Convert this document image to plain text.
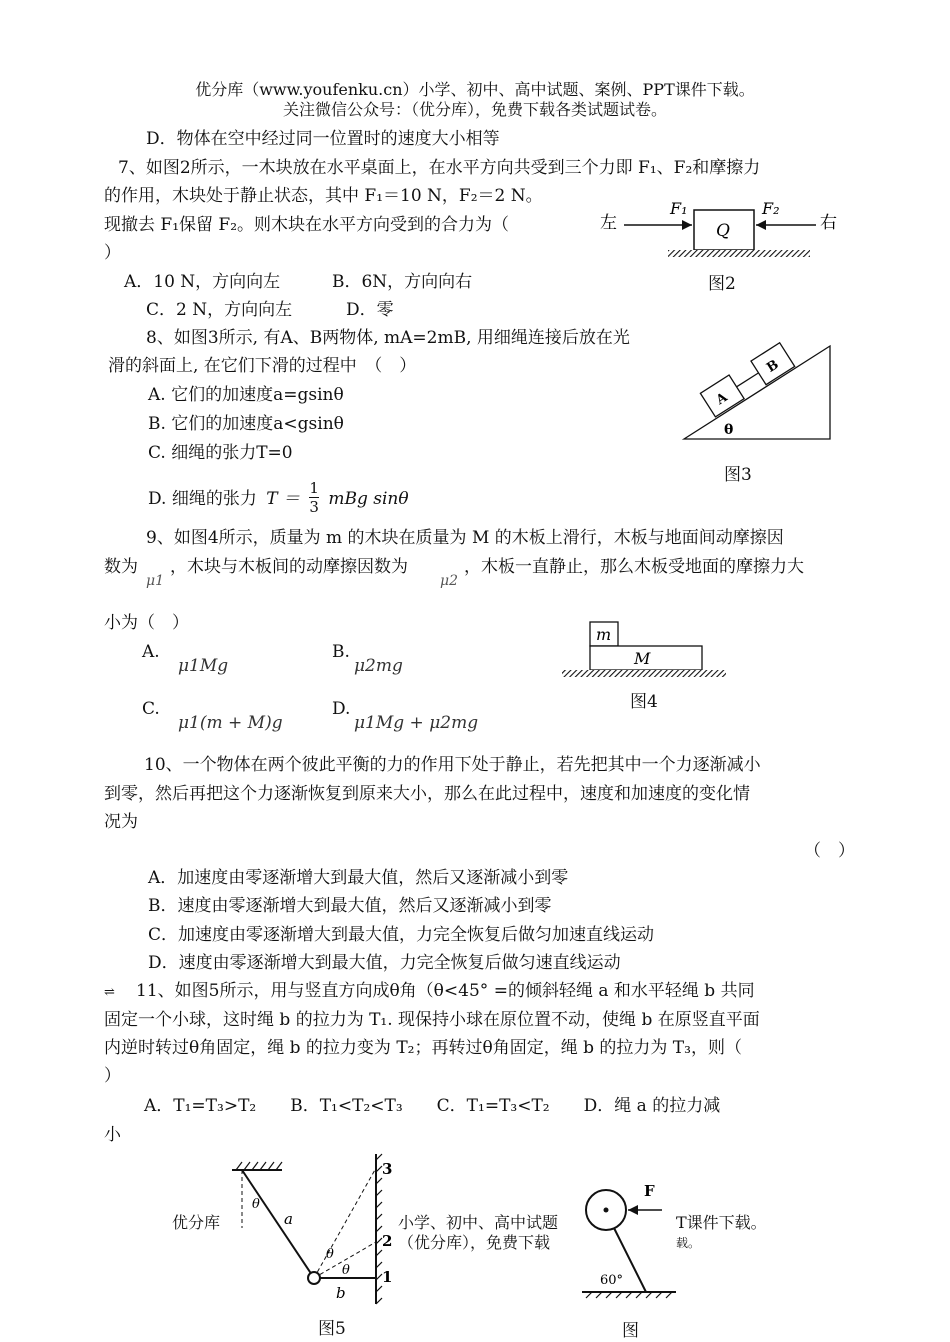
优分库（www.youfenku.cn）小学、初中、高中试题、案例、PPT课件下载。
关注微信公众号：（优分库），免费下载各类试题试卷。
D．物体在空中经过同一位置时的速度大小相等
7、如图2所示，一木块放在水平桌面上，在水平方向共受到三个力即 F₁、F₂和摩擦力
的作用，木块处于静止状态，其中 F₁＝10 N，F₂＝2 N。
现撤去 F₁保留 F₂。则木块在水平方向受到的合力为（
）
A．10 N，方向向左	B．6N，方向向右
C．2 N，方向向左	D．零
左	右
F₁	F₂
Q
图2
8、如图3所示, 有A、B两物体, mA=2mB, 用细绳连接后放在光
滑的斜面上, 在它们下滑的过程中　（　）
A. 它们的加速度a=gsinθ
B. 它们的加速度a<gsinθ
C. 细绳的张力T=0
D. 细绳的张力 $T = \frac{1}{3}$ mBg sinθ
A
B
θ
图3
9、如图4所示，质量为 m 的木块在质量为 M 的木板上滑行，木板与地面间动摩擦因
数为
μ1
，木块与木板间的动摩擦因数为
μ2
，木板一直静止，那么木板受地面的摩擦力大
小为（　）
A.
μ1Mg
B.
μ2mg
C.
μ1(m + M)g
D.
μ1Mg + μ2mg
m
M
图4
10、一个物体在两个彼此平衡的力的作用下处于静止，若先把其中一个力逐渐减小
到零，然后再把这个力逐渐恢复到原来大小，那么在此过程中，速度和加速度的变化情
况为
（　）
A．加速度由零逐渐增大到最大值，然后又逐渐减小到零
B．速度由零逐渐增大到最大值，然后又逐渐减小到零
C．加速度由零逐渐增大到最大值，力完全恢复后做匀加速直线运动
D．速度由零逐渐增大到最大值，力完全恢复后做匀速直线运动
⇌ 11、如图5所示，用与竖直方向成θ角（θ<45° =的倾斜轻绳 a 和水平轻绳 b 共同
固定一个小球，这时绳 b 的拉力为 T₁. 现保持小球在原位置不动，使绳 b 在原竖直平面
内逆时转过θ角固定，绳 b 的拉力变为 T₂；再转过θ角固定，绳 b 的拉力为 T₃，则（
）
A．T₁=T₃>T₂　　B．T₁<T₂<T₃　　C．T₁=T₃<T₂　　D．绳 a 的拉力减
小
θ
a
b
θ
θ
3
2
1
图5
F
60°
图
优分库	小学、初中、高中试题
（优分库），免费下载
T课件下载。
载。
